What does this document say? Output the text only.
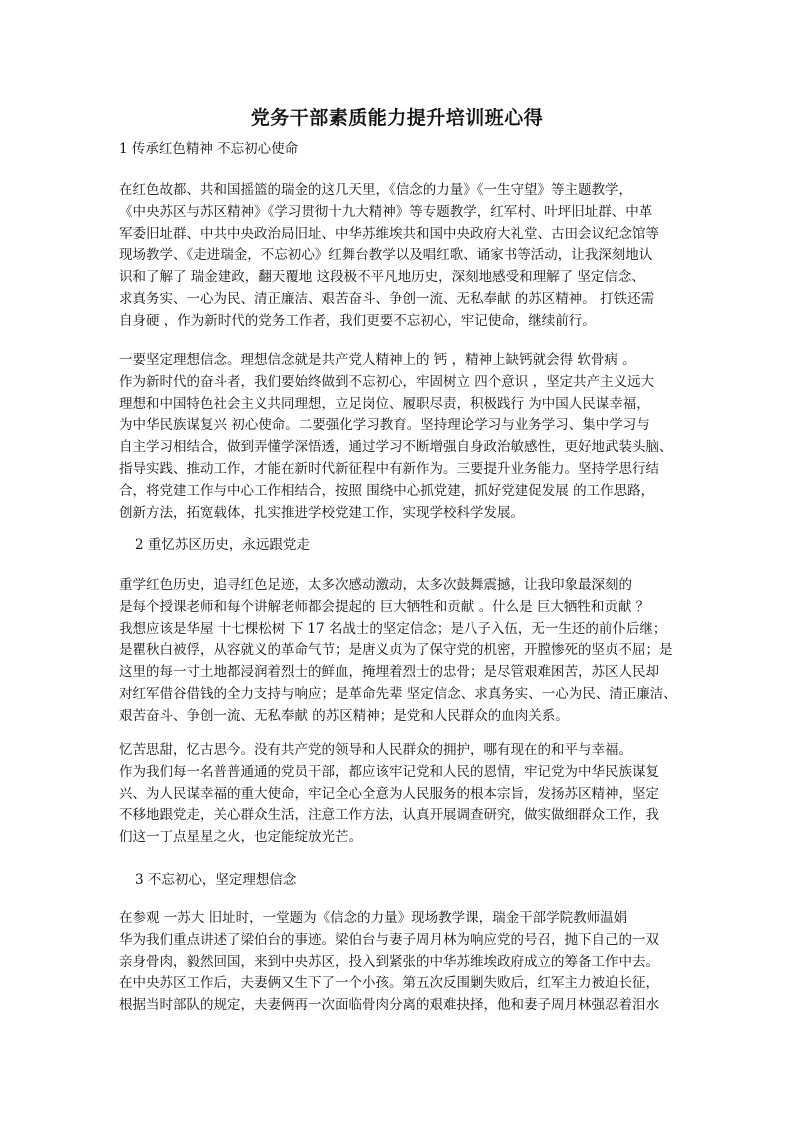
党务干部素质能力提升培训班心得
1 传承红色精神 不忘初心使命
在红色故都、共和国摇篮的瑞金的这几天里，《信念的力量》《一生守望》等主题教学，
《中央苏区与苏区精神》《学习贯彻十九大精神》等专题教学，红军村、叶坪旧址群、中革
军委旧址群、中共中央政治局旧址、中华苏维埃共和国中央政府大礼堂、古田会议纪念馆等
现场教学、《走进瑞金，不忘初心》红舞台教学以及唱红歌、诵家书等活动，让我深刻地认
识和了解了 瑞金建政，翻天覆地 这段极不平凡地历史，深刻地感受和理解了 坚定信念、
求真务实、一心为民、清正廉洁、艰苦奋斗、争创一流、无私奉献 的苏区精神。 打铁还需
自身硬 ，作为新时代的党务工作者，我们更要不忘初心，牢记使命，继续前行。
一要坚定理想信念。理想信念就是共产党人精神上的 钙 ，精神上缺钙就会得 软骨病 。
作为新时代的奋斗者，我们要始终做到不忘初心，牢固树立 四个意识 ，坚定共产主义远大
理想和中国特色社会主义共同理想，立足岗位、履职尽责，积极践行 为中国人民谋幸福，
为中华民族谋复兴 初心使命。二要强化学习教育。坚持理论学习与业务学习、集中学习与
自主学习相结合，做到弄懂学深悟透，通过学习不断增强自身政治敏感性，更好地武装头脑、
指导实践、推动工作，才能在新时代新征程中有新作为。三要提升业务能力。坚持学思行结
合，将党建工作与中心工作相结合，按照 围绕中心抓党建，抓好党建促发展 的工作思路，
创新方法，拓宽载体，扎实推进学校党建工作，实现学校科学发展。
2 重忆苏区历史，永远跟党走
重学红色历史，追寻红色足迹，太多次感动激动，太多次鼓舞震撼，让我印象最深刻的
是每个授课老师和每个讲解老师都会提起的 巨大牺牲和贡献 。什么是 巨大牺牲和贡献 ？
我想应该是华屋 十七棵松树 下 17 名战士的坚定信念；是八子入伍，无一生还的前仆后继；
是瞿秋白被俘，从容就义的革命气节；是唐义贞为了保守党的机密，开膛惨死的坚贞不屈；是
这里的每一寸土地都浸润着烈士的鲜血，掩埋着烈士的忠骨；是尽管艰难困苦，苏区人民却
对红军借谷借钱的全力支持与响应；是革命先辈 坚定信念、求真务实、一心为民、清正廉洁、
艰苦奋斗、争创一流、无私奉献 的苏区精神；是党和人民群众的血肉关系。
忆苦思甜，忆古思今。没有共产党的领导和人民群众的拥护，哪有现在的和平与幸福。
作为我们每一名普普通通的党员干部，都应该牢记党和人民的恩情，牢记党为中华民族谋复
兴、为人民谋幸福的重大使命，牢记全心全意为人民服务的根本宗旨，发扬苏区精神，坚定
不移地跟党走，关心群众生活，注意工作方法，认真开展调查研究，做实做细群众工作，我
们这一丁点星星之火，也定能绽放光芒。
3 不忘初心，坚定理想信念
在参观 一苏大 旧址时，一堂题为《信念的力量》现场教学课，瑞金干部学院教师温娟
华为我们重点讲述了梁伯台的事迹。梁伯台与妻子周月林为响应党的号召，抛下自己的一双
亲身骨肉，毅然回国，来到中央苏区，投入到紧张的中华苏维埃政府成立的筹备工作中去。
在中央苏区工作后，夫妻俩又生下了一个小孩。第五次反围剿失败后，红军主力被迫长征，
根据当时部队的规定，夫妻俩再一次面临骨肉分离的艰难抉择，他和妻子周月林强忍着泪水
